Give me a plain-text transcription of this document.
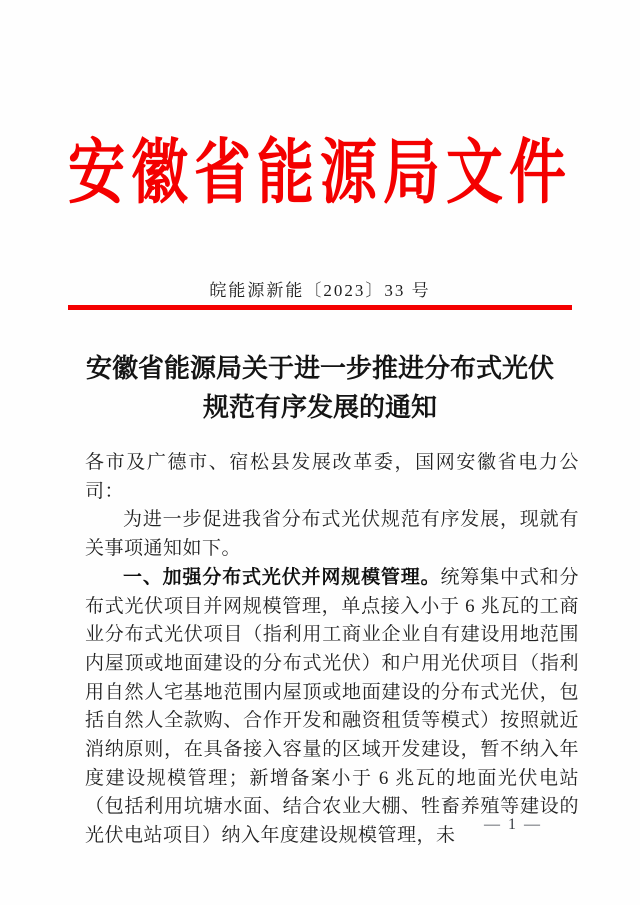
安徽省能源局文件
皖能源新能〔2023〕33 号
安徽省能源局关于进一步推进分布式光伏规范有序发展的通知

各市及广德市、宿松县发展改革委，国网安徽省电力公司：

为进一步促进我省分布式光伏规范有序发展，现就有关事项通知如下。

一、加强分布式光伏并网规模管理。统筹集中式和分布式光伏项目并网规模管理，单点接入小于 6 兆瓦的工商业分布式光伏项目（指利用工商业企业自有建设用地范围内屋顶或地面建设的分布式光伏）和户用光伏项目（指利用自然人宅基地范围内屋顶或地面建设的分布式光伏，包括自然人全款购、合作开发和融资租赁等模式）按照就近消纳原则，在具备接入容量的区域开发建设，暂不纳入年度建设规模管理；新增备案小于 6 兆瓦的地面光伏电站（包括利用坑塘水面、结合农业大棚、牲畜养殖等建设的光伏电站项目）纳入年度建设规模管理，未

— 1 —
